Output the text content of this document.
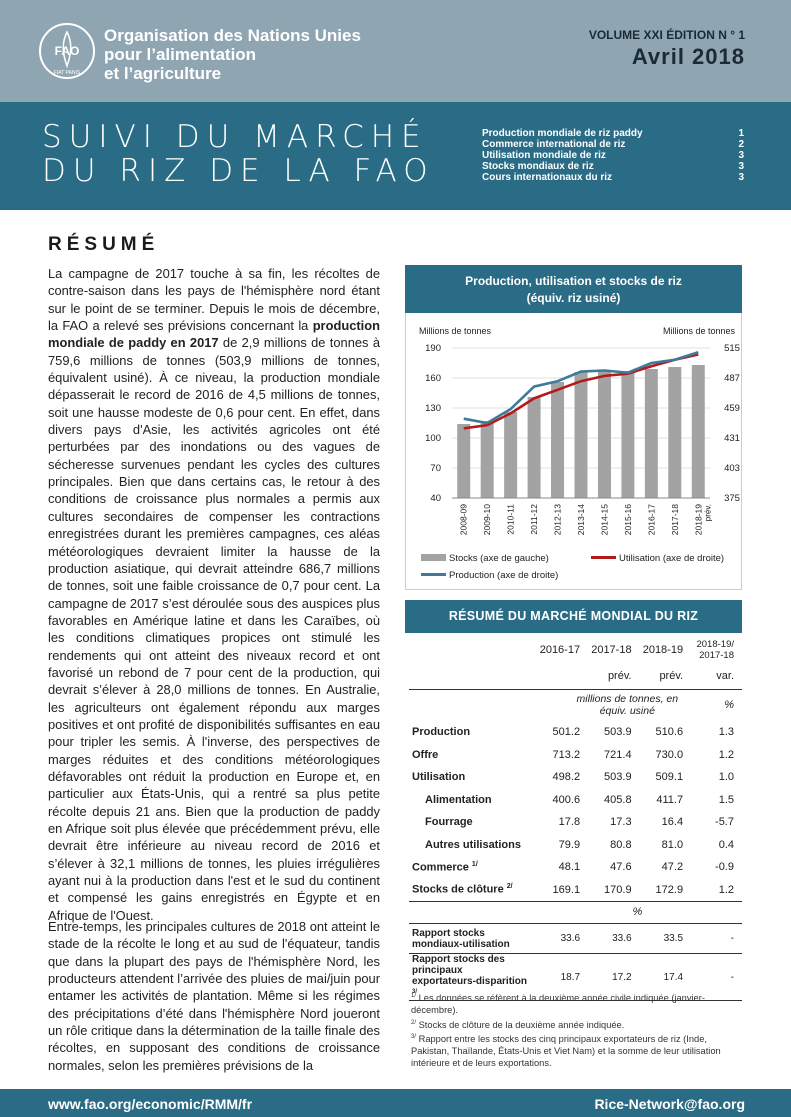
FAO
FIAT PANIS
Organisation des Nations Unies
pour l’alimentation
et l’agriculture
VOLUME XXI ÉDITION N ° 1
Avril 2018
SUIVI DU MARCHÉ
DU RIZ DE LA FAO
Production mondiale de riz paddy	1
Commerce international de riz	2
Utilisation mondiale de riz	3
Stocks mondiaux de riz	3
Cours internationaux du riz	3
RÉSUMÉ
La campagne de 2017 touche à sa fin, les récoltes de contre-saison dans les pays de l'hémisphère nord étant sur le point de se terminer. Depuis le mois de décembre, la FAO a relevé ses prévisions concernant la production mondiale de paddy en 2017 de 2,9 millions de tonnes à 759,6 millions de tonnes (503,9 millions de tonnes, équivalent usiné). À ce niveau, la production mondiale dépasserait le record de 2016 de 4,5 millions de tonnes, soit une hausse modeste de 0,6 pour cent. En effet, dans divers pays d'Asie, les activités agricoles ont été perturbées par des inondations ou des vagues de sécheresse survenues pendant les cycles des cultures principales. Bien que dans certains cas, le retour à des conditions de croissance plus normales a permis aux cultures secondaires de compenser les contractions enregistrées durant les premières campagnes, ces aléas météorologiques devraient limiter la hausse de la production asiatique, qui devrait atteindre 686,7 millions de tonnes, soit une faible croissance de 0,7 pour cent. La campagne de 2017 s’est déroulée sous des auspices plus favorables en Amérique latine et dans les Caraïbes, où les conditions climatiques propices ont stimulé les rendements qui ont atteint des niveaux record et ont favorisé un rebond de 7 pour cent de la production, qui devrait s’élever à 28,0 millions de tonnes. En Australie, les agriculteurs ont également répondu aux marges positives et ont profité de disponibilités suffisantes en eau pour tripler les semis. À l'inverse, des perspectives de marges réduites et des conditions météorologiques défavorables ont réduit la production en Europe et, en particulier aux États-Unis, qui a rentré sa plus petite récolte depuis 21 ans. Bien que la production de paddy en Afrique soit plus élevée que précédemment prévu, elle devrait être inférieure au niveau record de 2016 et s’élever à 32,1 millions de tonnes, les pluies irrégulières ayant nui à la production dans l'est et le sud du continent et compensé les gains enregistrés en Égypte et en Afrique de l'Ouest.
Entre-temps, les principales cultures de 2018 ont atteint le stade de la récolte le long et au sud de l'équateur, tandis que dans la plupart des pays de l'hémisphère Nord, les producteurs attendent l’arrivée des pluies de mai/juin pour entamer les activités de plantation. Même si les régimes des précipitations d’été dans l'hémisphère Nord joueront un rôle critique dans la détermination de la taille finale des récoltes, en supposant des conditions de croissance normales, selon les premières prévisions de la
Production, utilisation et stocks de riz (équiv. riz usiné)
Millions de tonnes	Millions de tonnes
190
160
130
100
70
40
515
487
459
431
403
375
2008-09 2009-10 2010-11 2011-12 2012-13 2013-14 2014-15 2015-16 2016-17 2017-18 2018-19 prév.
Stocks (axe de gauche)	Utilisation (axe de droite)
Production (axe de droite)
RÉSUMÉ DU MARCHÉ MONDIAL DU RIZ
	2016-17	2017-18	2018-19	2018-19/ 2017-18
		prév.	prév.	var.
	millions de tonnes, en équiv. usiné			%
Production	501.2	503.9	510.6	1.3
Offre	713.2	721.4	730.0	1.2
Utilisation	498.2	503.9	509.1	1.0
Alimentation	400.6	405.8	411.7	1.5
Fourrage	17.8	17.3	16.4	-5.7
Autres utilisations	79.9	80.8	81.0	0.4
Commerce $^{1/}$	48.1	47.6	47.2	-0.9
Stocks de clôture $^{2/}$	169.1	170.9	172.9	1.2
	%			
Rapport stocks mondiaux-utilisation	33.6	33.6	33.5	-
Rapport stocks des principaux exportateurs-disparition $^{3/}$	18.7	17.2	17.4	-
$^{1/}$ Les données se réfèrent à la deuxième année civile indiquée (janvier-décembre).
$^{2/}$ Stocks de clôture de la deuxième année indiquée.
$^{3/}$ Rapport entre les stocks des cinq principaux exportateurs de riz (Inde, Pakistan, Thaïlande, États-Unis et Viet Nam) et la somme de leur utilisation intérieure et de leurs exportations.
www.fao.org/economic/RMM/fr	Rice-Network@fao.org
